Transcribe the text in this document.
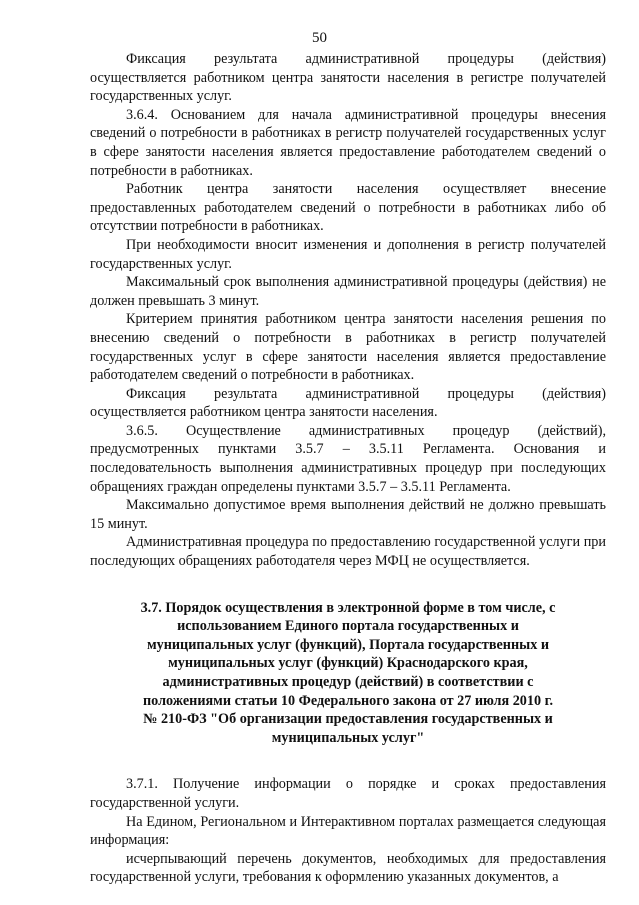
50

Фиксация результата административной процедуры (действия) осуществляется работником центра занятости населения в регистре получателей государственных услуг.

3.6.4. Основанием для начала административной процедуры внесения сведений о потребности в работниках в регистр получателей государственных услуг в сфере занятости населения является предоставление работодателем сведений о потребности в работниках.

Работник центра занятости населения осуществляет внесение предоставленных работодателем сведений о потребности в работниках либо об отсутствии потребности в работниках.

При необходимости вносит изменения и дополнения в регистр получателей государственных услуг.

Максимальный срок выполнения административной процедуры (действия) не должен превышать 3 минут.

Критерием принятия работником центра занятости населения решения по внесению сведений о потребности в работниках в регистр получателей государственных услуг в сфере занятости населения является предоставление работодателем сведений о потребности в работниках.

Фиксация результата административной процедуры (действия) осуществляется работником центра занятости населения.

3.6.5. Осуществление административных процедур (действий), предусмотренных пунктами 3.5.7 – 3.5.11 Регламента. Основания и последовательность выполнения административных процедур при последующих обращениях граждан определены пунктами 3.5.7 – 3.5.11 Регламента.

Максимально допустимое время выполнения действий не должно превышать 15 минут.

Административная процедура по предоставлению государственной услуги при последующих обращениях работодателя через МФЦ не осуществляется.

3.7. Порядок осуществления в электронной форме в том числе, с использованием Единого портала государственных и муниципальных услуг (функций), Портала государственных и муниципальных услуг (функций) Краснодарского края, административных процедур (действий) в соответствии с положениями статьи 10 Федерального закона от 27 июля 2010 г. № 210-ФЗ "Об организации предоставления государственных и муниципальных услуг"

3.7.1. Получение информации о порядке и сроках предоставления государственной услуги.

На Едином, Региональном и Интерактивном порталах размещается следующая информация:

исчерпывающий перечень документов, необходимых для предоставления государственной услуги, требования к оформлению указанных документов, а
